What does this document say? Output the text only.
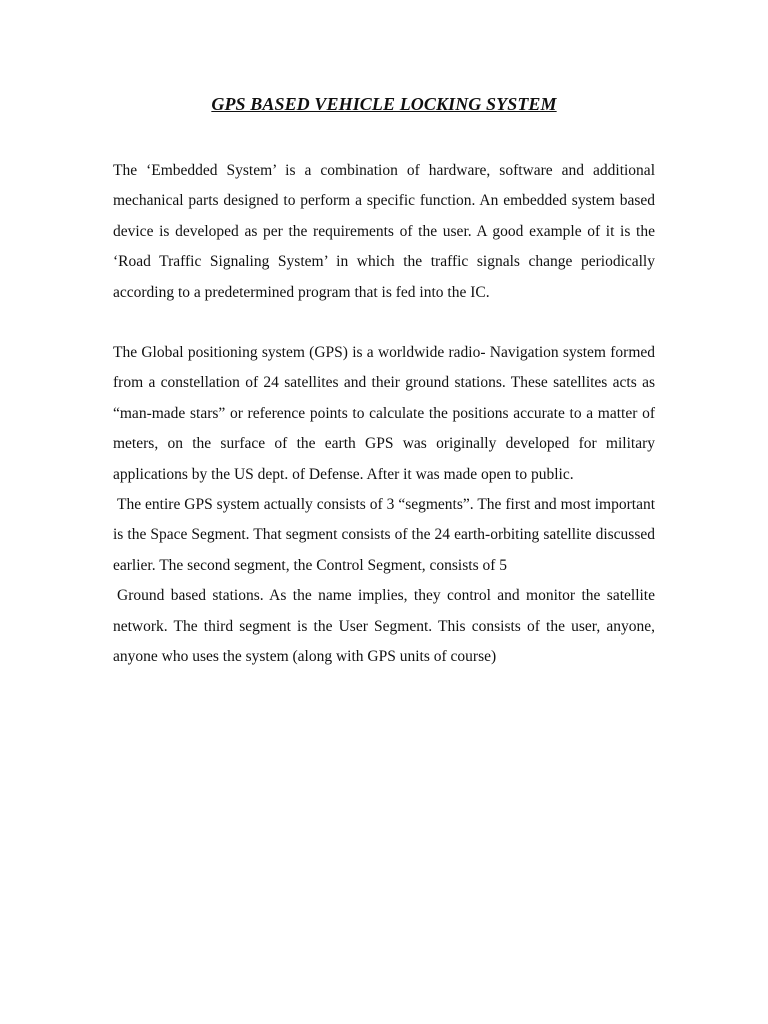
GPS BASED VEHICLE LOCKING SYSTEM

The ‘Embedded System’ is a combination of hardware, software and additional mechanical parts designed to perform a specific function. An embedded system based device is developed as per the requirements of the user. A good example of it is the ‘Road Traffic Signaling System’ in which the traffic signals change periodically according to a predetermined program that is fed into the IC.

The Global positioning system (GPS) is a worldwide radio- Navigation system formed from a constellation of 24 satellites and their ground stations. These satellites acts as “man-made stars” or reference points to calculate the positions accurate to a matter of meters, on the surface of the earth GPS was originally developed for military applications by the US dept. of Defense. After it was made open to public.

The entire GPS system actually consists of 3 “segments”. The first and most important is the Space Segment. That segment consists of the 24 earth-orbiting satellite discussed earlier. The second segment, the Control Segment, consists of 5

Ground based stations. As the name implies, they control and monitor the satellite network. The third segment is the User Segment. This consists of the user, anyone, anyone who uses the system (along with GPS units of course)
